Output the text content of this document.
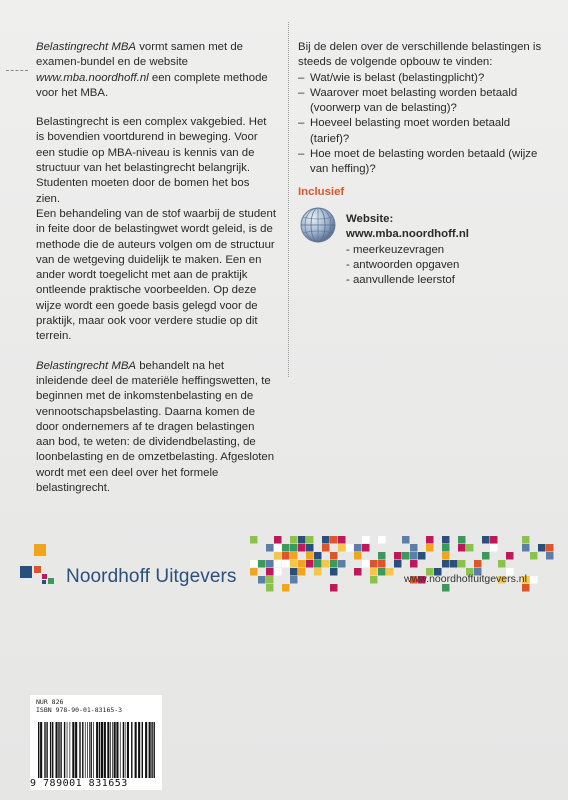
Belastingrecht MBA vormt samen met de examen-bundel en de website www.mba.noordhoff.nl een complete methode voor het MBA.

Belastingrecht is een complex vakgebied. Het is bovendien voortdurend in beweging. Voor een studie op MBA-niveau is kennis van de structuur van het belastingrecht belangrijk. Studenten moeten door de bomen het bos zien.

Een behandeling van de stof waarbij de student in feite door de belastingwet wordt geleid, is de methode die de auteurs volgen om de structuur van de wetgeving duidelijk te maken. Een en ander wordt toegelicht met aan de praktijk ontleende praktische voorbeelden. Op deze wijze wordt een goede basis gelegd voor de praktijk, maar ook voor verdere studie op dit terrein.

Belastingrecht MBA behandelt na het inleidende deel de materiële heffingswetten, te beginnen met de inkomstenbelasting en de vennootschapsbelasting. Daarna komen de door ondernemers af te dragen belastingen aan bod, te weten: de dividendbelasting, de loonbelasting en de omzetbelasting. Afgesloten wordt met een deel over het formele belastingrecht.

Bij de delen over de verschillende belastingen is steeds de volgende opbouw te vinden:

– Wat/wie is belast (belastingplicht)?
– Waarover moet belasting worden betaald (voorwerp van de belasting)?
– Hoeveel belasting moet worden betaald (tarief)?
– Hoe moet de belasting worden betaald (wijze van heffing)?
Inclusief
Website:
www.mba.noordhoff.nl
- meerkeuzevragen
- antwoorden opgaven
- aanvullende leerstof
Noordhoff Uitgevers	www.noordhoffuitgevers.nl
NUR 826
ISBN 978-90-01-83165-3
9 789001 831653
